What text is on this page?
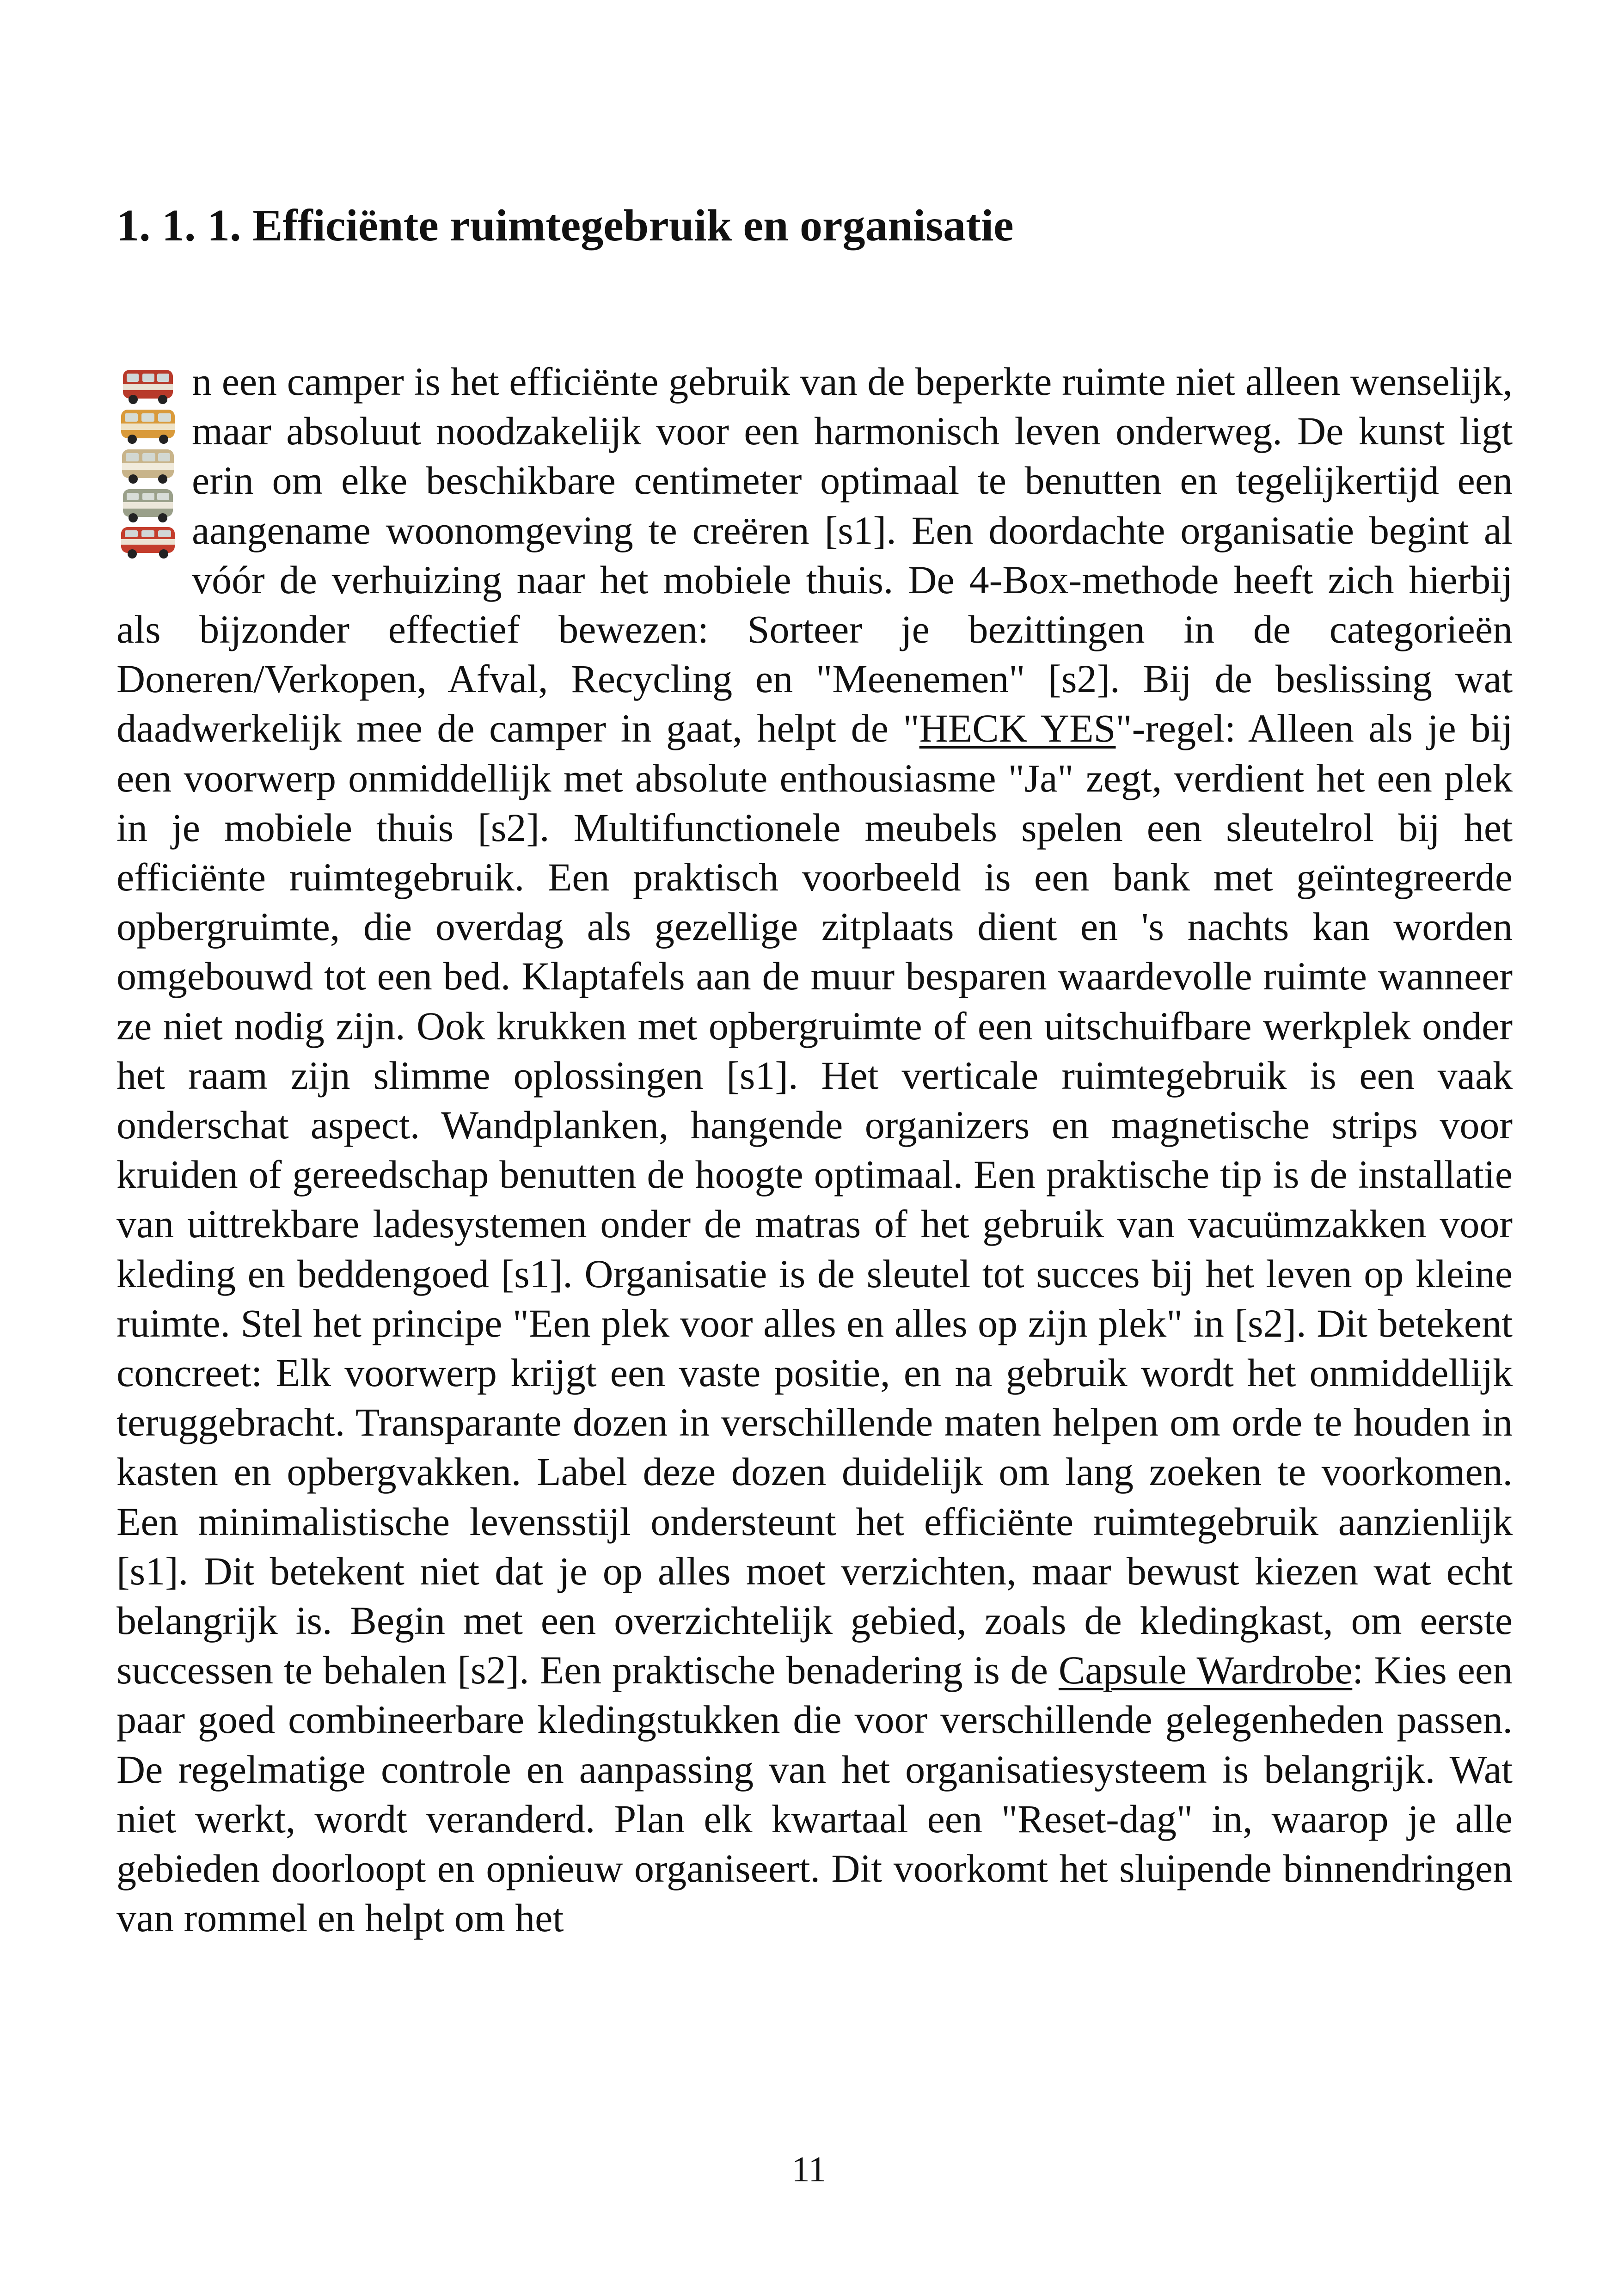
1. 1. 1. Efficiënte ruimtegebruik en organisatie

n een camper is het efficiënte gebruik van de beperkte ruimte niet alleen wenselijk, maar absoluut noodzakelijk voor een harmonisch leven onderweg. De kunst ligt erin om elke beschikbare centimeter optimaal te benutten en tegelijkertijd een aangename woonomgeving te creëren [s1]. Een doordachte organisatie begint al vóór de verhuizing naar het mobiele thuis. De 4-Box-methode heeft zich hierbij als bijzonder effectief bewezen: Sorteer je bezittingen in de categorieën Doneren/Verkopen, Afval, Recycling en "Meenemen" [s2]. Bij de beslissing wat daadwerkelijk mee de camper in gaat, helpt de "HECK YES"-regel: Alleen als je bij een voorwerp onmiddellijk met absolute enthousiasme "Ja" zegt, verdient het een plek in je mobiele thuis [s2]. Multifunctionele meubels spelen een sleutelrol bij het efficiënte ruimtegebruik. Een praktisch voorbeeld is een bank met geïntegreerde opbergruimte, die overdag als gezellige zitplaats dient en 's nachts kan worden omgebouwd tot een bed. Klaptafels aan de muur besparen waardevolle ruimte wanneer ze niet nodig zijn. Ook krukken met opbergruimte of een uitschuifbare werkplek onder het raam zijn slimme oplossingen [s1]. Het verticale ruimtegebruik is een vaak onderschat aspect. Wandplanken, hangende organizers en magnetische strips voor kruiden of gereedschap benutten de hoogte optimaal. Een praktische tip is de installatie van uittrekbare ladesystemen onder de matras of het gebruik van vacuümzakken voor kleding en beddengoed [s1]. Organisatie is de sleutel tot succes bij het leven op kleine ruimte. Stel het principe "Een plek voor alles en alles op zijn plek" in [s2]. Dit betekent concreet: Elk voorwerp krijgt een vaste positie, en na gebruik wordt het onmiddellijk teruggebracht. Transparante dozen in verschillende maten helpen om orde te houden in kasten en opbergvakken. Label deze dozen duidelijk om lang zoeken te voorkomen. Een minimalistische levensstijl ondersteunt het efficiënte ruimtegebruik aanzienlijk [s1]. Dit betekent niet dat je op alles moet verzichten, maar bewust kiezen wat echt belangrijk is. Begin met een overzichtelijk gebied, zoals de kledingkast, om eerste successen te behalen [s2]. Een praktische benadering is de Capsule Wardrobe: Kies een paar goed combineerbare kledingstukken die voor verschillende gelegenheden passen. De regelmatige controle en aanpassing van het organisatiesysteem is belangrijk. Wat niet werkt, wordt veranderd. Plan elk kwartaal een "Reset-dag" in, waarop je alle gebieden doorloopt en opnieuw organiseert. Dit voorkomt het sluipende binnendringen van rommel en helpt om het

11
